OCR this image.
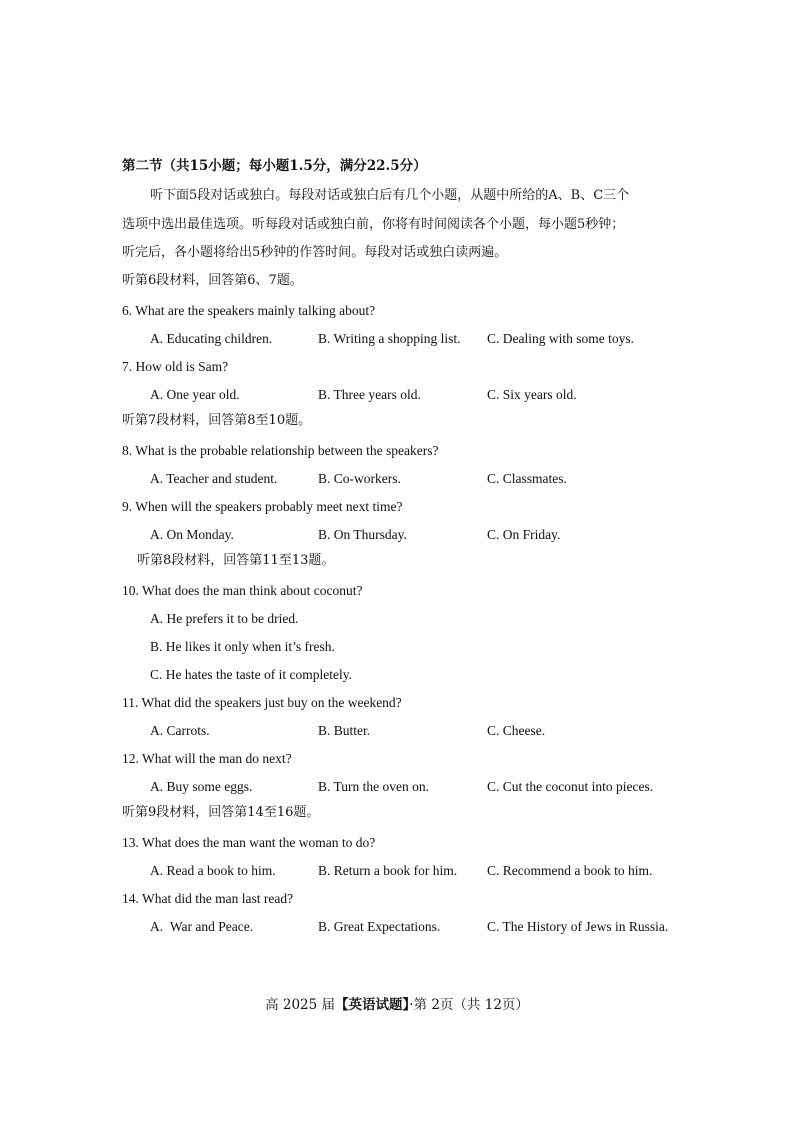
第二节（共15小题；每小题1.5分，满分22.5分）
听下面5段对话或独白。每段对话或独白后有几个小题，从题中所给的A、B、C三个
选项中选出最佳选项。听每段对话或独白前，你将有时间阅读各个小题，每小题5秒钟；
听完后，各小题将给出5秒钟的作答时间。每段对话或独白读两遍。
听第6段材料，回答第6、7题。
6. What are the speakers mainly talking about?
A. Educating children.	B. Writing a shopping list. C. Dealing with some toys.
7. How old is Sam?
A. One year old.	B. Three years old.	C. Six years old.
听第7段材料，回答第8至10题。
8. What is the probable relationship between the speakers?
A. Teacher and student.	B. Co-workers.	C. Classmates.
9. When will the speakers probably meet next time?
A. On Monday.	B. On Thursday.	C. On Friday.
听第8段材料，回答第11至13题。
10. What does the man think about coconut?
A. He prefers it to be dried.
B. He likes it only when it’s fresh.
C. He hates the taste of it completely.
11. What did the speakers just buy on the weekend?
A. Carrots.	B. Butter.	C. Cheese.
12. What will the man do next?
A. Buy some eggs.	B. Turn the oven on.	C. Cut the coconut into pieces.
听第9段材料，回答第14至16题。
13. What does the man want the woman to do?
A. Read a book to him.	B. Return a book for him. C. Recommend a book to him.
14. What did the man last read?
A.  War and Peace.	B. Great Expectations.	C. The History of Jews in Russia.
高 2025 届【英语试题】·第 2页（共 12页）
